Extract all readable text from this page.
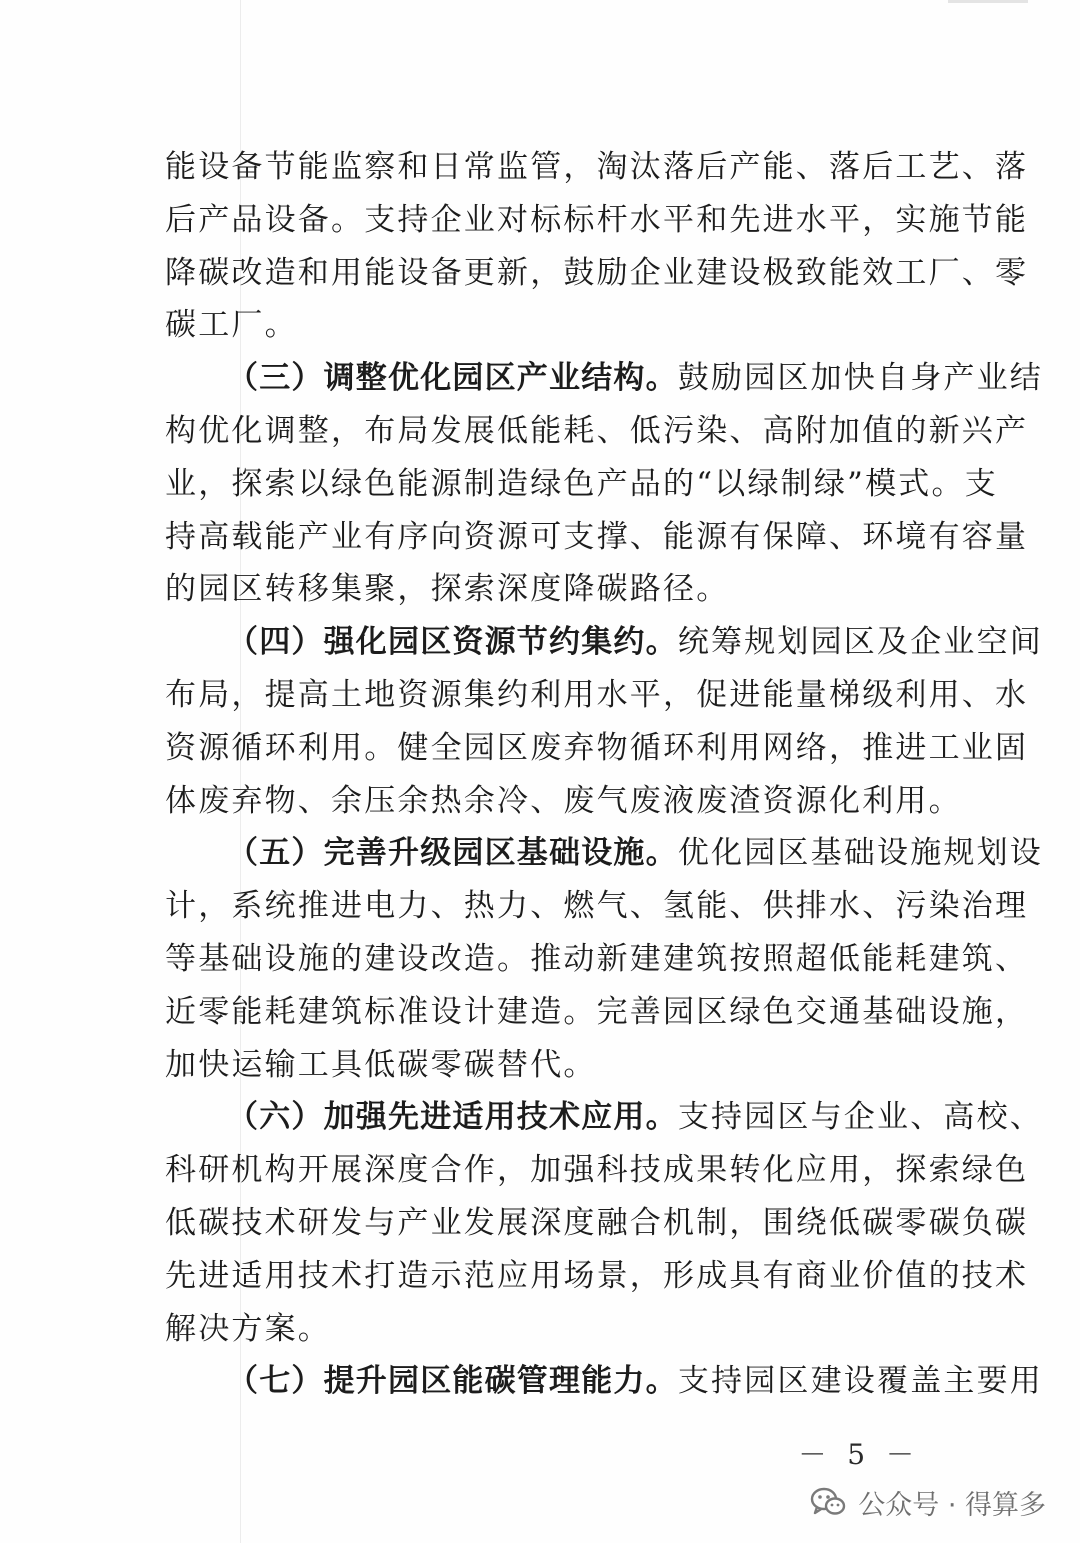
能设备节能监察和日常监管，淘汰落后产能、落后工艺、落
后产品设备。支持企业对标标杆水平和先进水平，实施节能
降碳改造和用能设备更新，鼓励企业建设极致能效工厂、零
碳工厂。
（三）调整优化园区产业结构。鼓励园区加快自身产业结
构优化调整，布局发展低能耗、低污染、高附加值的新兴产
业，探索以绿色能源制造绿色产品的“以绿制绿”模式。支
持高载能产业有序向资源可支撑、能源有保障、环境有容量
的园区转移集聚，探索深度降碳路径。
（四）强化园区资源节约集约。统筹规划园区及企业空间
布局，提高土地资源集约利用水平，促进能量梯级利用、水
资源循环利用。健全园区废弃物循环利用网络，推进工业固
体废弃物、余压余热余冷、废气废液废渣资源化利用。
（五）完善升级园区基础设施。优化园区基础设施规划设
计，系统推进电力、热力、燃气、氢能、供排水、污染治理
等基础设施的建设改造。推动新建建筑按照超低能耗建筑、
近零能耗建筑标准设计建造。完善园区绿色交通基础设施，
加快运输工具低碳零碳替代。
（六）加强先进适用技术应用。支持园区与企业、高校、
科研机构开展深度合作，加强科技成果转化应用，探索绿色
低碳技术研发与产业发展深度融合机制，围绕低碳零碳负碳
先进适用技术打造示范应用场景，形成具有商业价值的技术
解决方案。
（七）提升园区能碳管理能力。支持园区建设覆盖主要用
－ 5 －
公众号 · 得算多
